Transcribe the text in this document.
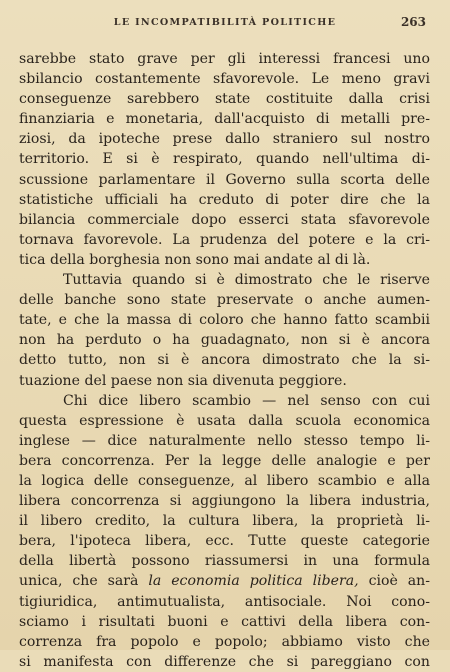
LE INCOMPATIBILITÀ POLITICHE	263
sarebbe stato grave per gli interessi francesi uno
sbilancio costantemente sfavorevole. Le meno gravi
conseguenze sarebbero state costituite dalla crisi
finanziaria e monetaria, dall'acquisto di metalli pre-
ziosi, da ipoteche prese dallo straniero sul nostro
territorio. E si è respirato, quando nell'ultima di-
scussione parlamentare il Governo sulla scorta delle
statistiche ufficiali ha creduto di poter dire che la
bilancia commerciale dopo esserci stata sfavorevole
tornava favorevole. La prudenza del potere e la cri-
tica della borghesia non sono mai andate al di là.
Tuttavia quando si è dimostrato che le riserve
delle banche sono state preservate o anche aumen-
tate, e che la massa di coloro che hanno fatto scambii
non ha perduto o ha guadagnato, non si è ancora
detto tutto, non si è ancora dimostrato che la si-
tuazione del paese non sia divenuta peggiore.
Chi dice libero scambio — nel senso con cui
questa espressione è usata dalla scuola economica
inglese — dice naturalmente nello stesso tempo li-
bera concorrenza. Per la legge delle analogie e per
la logica delle conseguenze, al libero scambio e alla
libera concorrenza si aggiungono la libera industria,
il libero credito, la cultura libera, la proprietà li-
bera, l'ipoteca libera, ecc. Tutte queste categorie
della libertà possono riassumersi in una formula
unica, che sarà la economia politica libera, cioè an-
tigiuridica, antimutualista, antisociale. Noi cono-
sciamo i risultati buoni e cattivi della libera con-
correnza fra popolo e popolo; abbiamo visto che
si manifesta con differenze che si pareggiano con
